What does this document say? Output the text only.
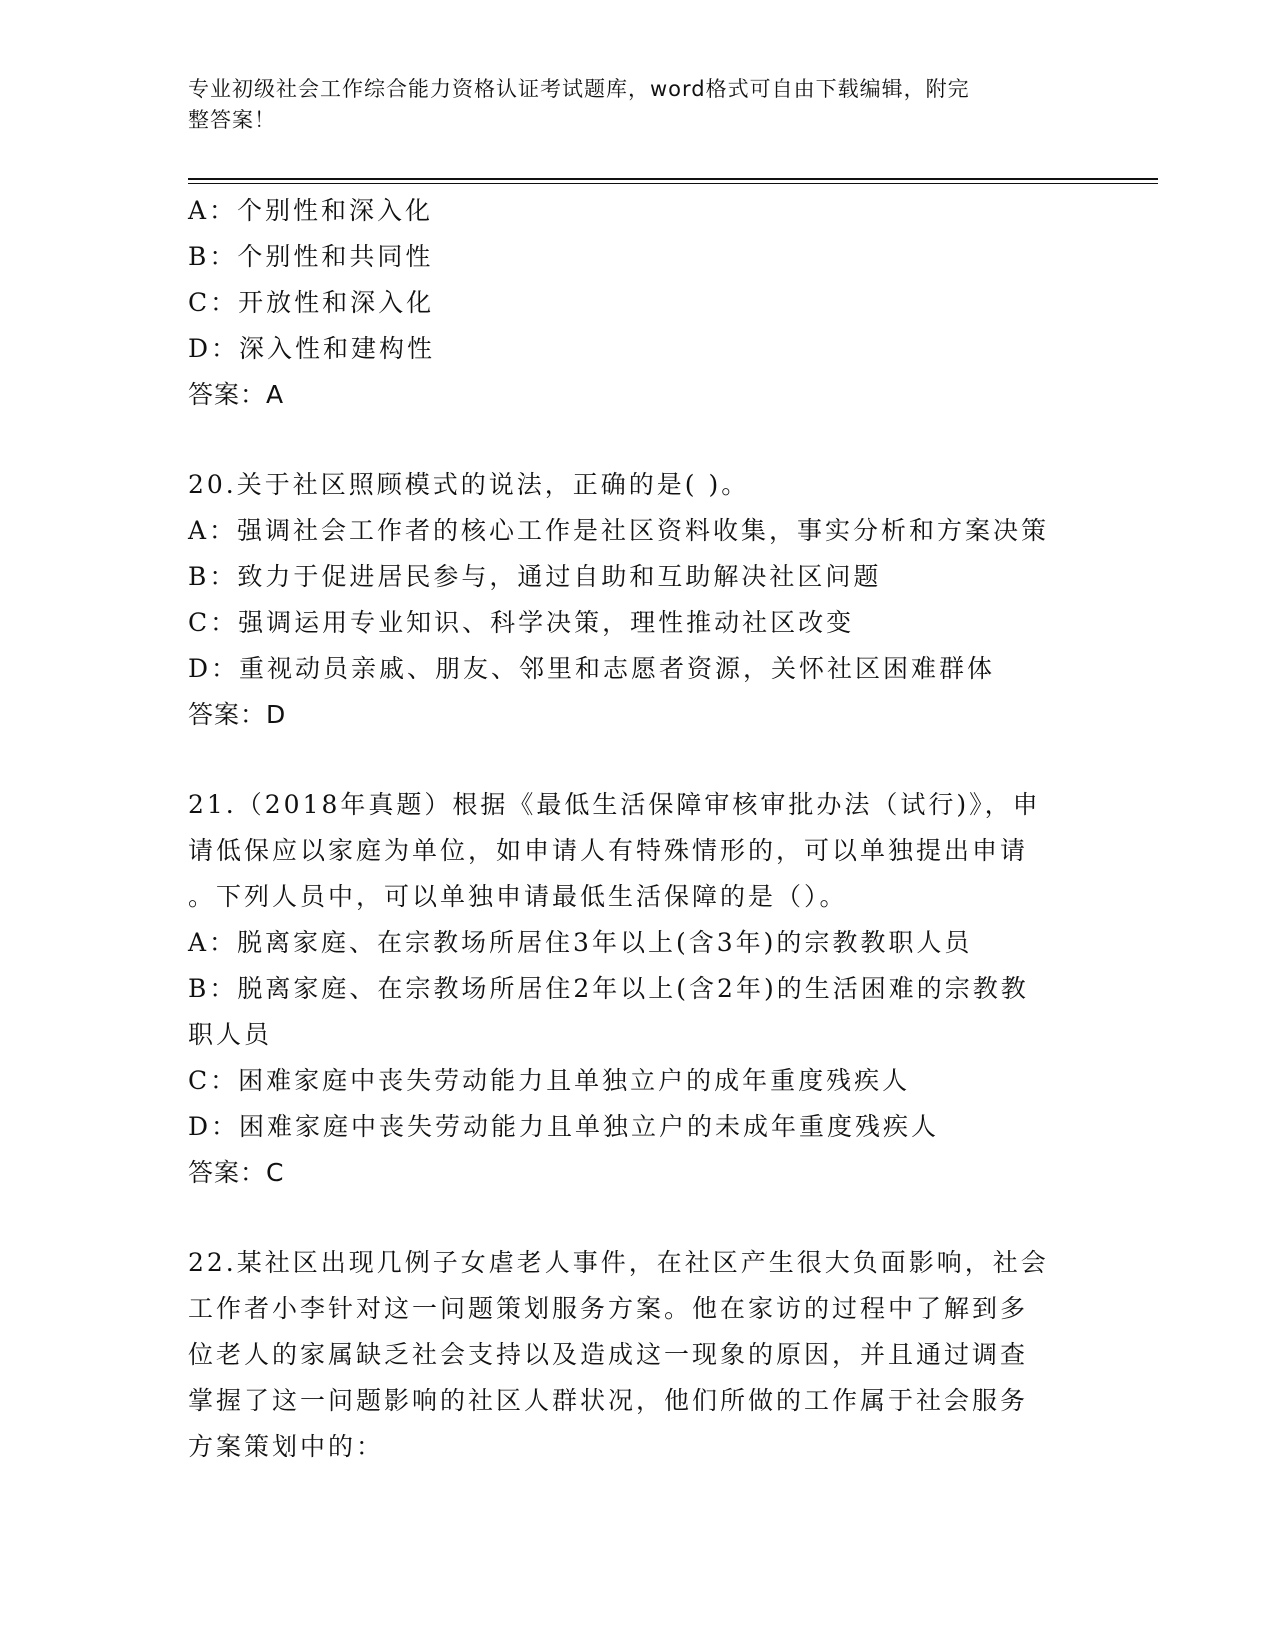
专业初级社会工作综合能力资格认证考试题库，word格式可自由下载编辑，附完
整答案！
A：个别性和深入化
B：个别性和共同性
C：开放性和深入化
D：深入性和建构性
答案：A
20.关于社区照顾模式的说法，正确的是( )。
A：强调社会工作者的核心工作是社区资料收集，事实分析和方案决策
B：致力于促进居民参与，通过自助和互助解决社区问题
C：强调运用专业知识、科学决策，理性推动社区改变
D：重视动员亲戚、朋友、邻里和志愿者资源，关怀社区困难群体
答案：D
21.（2018年真题）根据《最低生活保障审核审批办法（试行)》，申
请低保应以家庭为单位，如申请人有特殊情形的，可以单独提出申请
。下列人员中，可以单独申请最低生活保障的是（）。
A：脱离家庭、在宗教场所居住3年以上(含3年)的宗教教职人员
B：脱离家庭、在宗教场所居住2年以上(含2年)的生活困难的宗教教
职人员
C：困难家庭中丧失劳动能力且单独立户的成年重度残疾人
D：困难家庭中丧失劳动能力且单独立户的未成年重度残疾人
答案：C
22.某社区出现几例子女虐老人事件，在社区产生很大负面影响，社会
工作者小李针对这一问题策划服务方案。他在家访的过程中了解到多
位老人的家属缺乏社会支持以及造成这一现象的原因，并且通过调查
掌握了这一问题影响的社区人群状况，他们所做的工作属于社会服务
方案策划中的：
